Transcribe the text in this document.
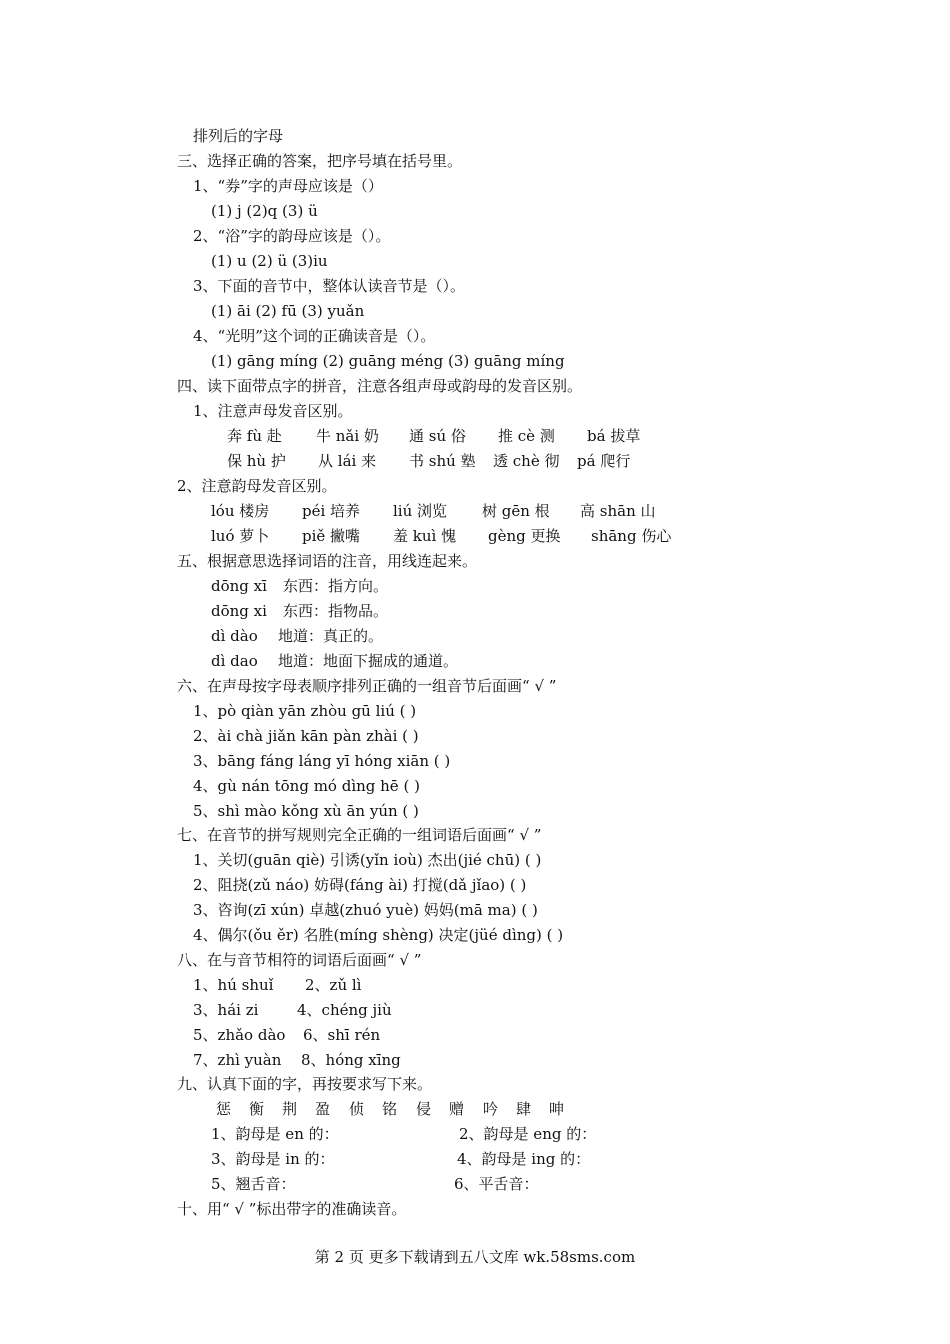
排列后的字母
三、选择正确的答案，把序号填在括号里。
1、“券”字的声母应该是（）
(1) j (2)q (3) ü
2、“浴”字的韵母应该是（）。
(1) u (2) ü (3)iu
3、下面的音节中，整体认读音节是（）。
(1) āi (2) fū (3) yuǎn
4、“光明”这个词的正确读音是（）。
(1) gāng míng (2) guāng méng (3) guāng míng
四、读下面带点字的拼音，注意各组声母或韵母的发音区别。
1、注意声母发音区别。
奔 fù 赴 牛 nǎi 奶 通 sú 俗 推 cè 测 bá 拔草
保 hù 护 从 lái 来 书 shú 塾 透 chè 彻 pá 爬行
2、注意韵母发音区别。
lóu 楼房 péi 培养 liú 浏览 树 gēn 根 高 shān 山
luó 萝卜 piě 撇嘴 羞 kuì 愧 gèng 更换 shāng 伤心
五、根据意思选择词语的注音，用线连起来。
dōng xī 东西：指方向。
dōng xi 东西：指物品。
dì dào 地道：真正的。
dì dao 地道：地面下掘成的通道。
六、在声母按字母表顺序排列正确的一组音节后面画“ √ ”
1、pò qiàn yān zhòu gū liú ( )
2、ài chà jiǎn kān pàn zhài ( )
3、bāng fáng láng yī hóng xiān ( )
4、gù nán tōng mó dìng hē ( )
5、shì mào kǒng xù ān yún ( )
七、在音节的拼写规则完全正确的一组词语后面画“ √ ”
1、关切(guān qiè) 引诱(yǐn ioù) 杰出(jié chū) ( )
2、阻挠(zǔ náo) 妨碍(fáng ài) 打搅(dǎ jǐao) ( )
3、咨询(zī xún) 卓越(zhuó yuè) 妈妈(mā ma) ( )
4、偶尔(ǒu ěr) 名胜(míng shèng) 决定(jüé dìng) ( )
八、在与音节相符的词语后面画“ √ ”
1、hú shuǐ 2、zǔ lì
3、hái zi	4、chéng jiù
5、zhǎo dào 6、shī rén
7、zhì yuàn 8、hóng xīng
九、认真下面的字，再按要求写下来。
惩 衡 荆 盈 侦 铭 侵 赠 吟 肆 呻
1、韵母是 en 的：	2、韵母是 eng 的：
3、韵母是 in 的：	4、韵母是 ing 的：
5、翘舌音：	6、平舌音：
十、用“ √ ”标出带字的准确读音。
第 2 页 更多下载请到五八文库 wk.58sms.com
